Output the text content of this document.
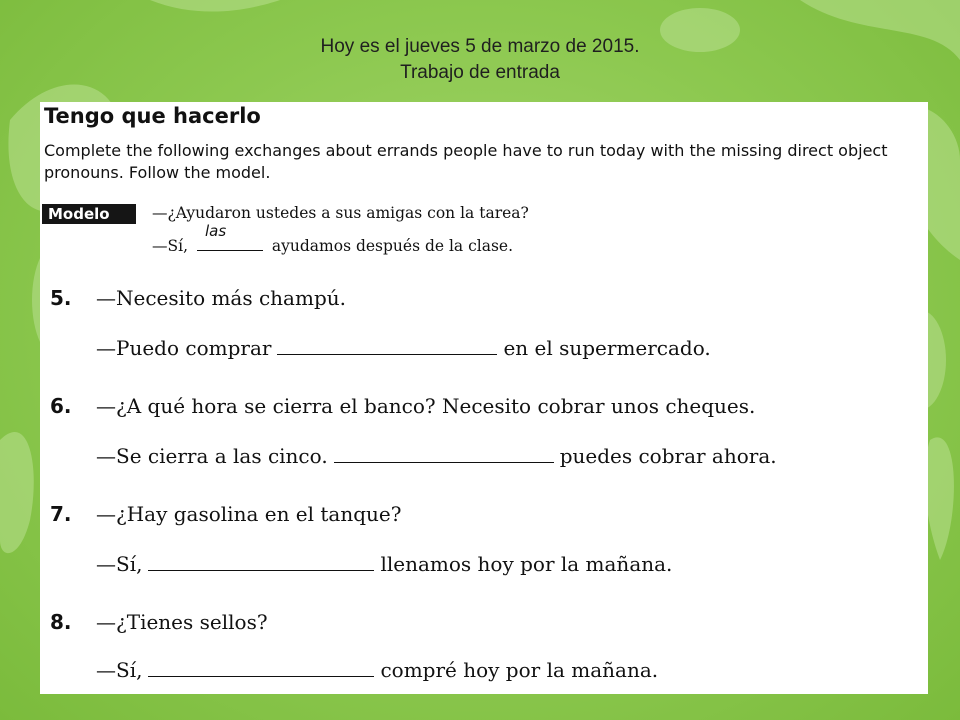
Hoy es el jueves 5 de marzo de 2015.
Trabajo de entrada
Tengo que hacerlo
Complete the following exchanges about errands people have to run today with the missing direct object pronouns. Follow the model.
Modelo	—¿Ayudaron ustedes a sus amigas con la tarea?
—Sí,
las
ayudamos después de la clase.
5. —Necesito más champú.
—Puedo comprar	en el supermercado.
6. —¿A qué hora se cierra el banco? Necesito cobrar unos cheques.
—Se cierra a las cinco.	puedes cobrar ahora.
7. —¿Hay gasolina en el tanque?
—Sí,	llenamos hoy por la mañana.
8. —¿Tienes sellos?
—Sí,	compré hoy por la mañana.
